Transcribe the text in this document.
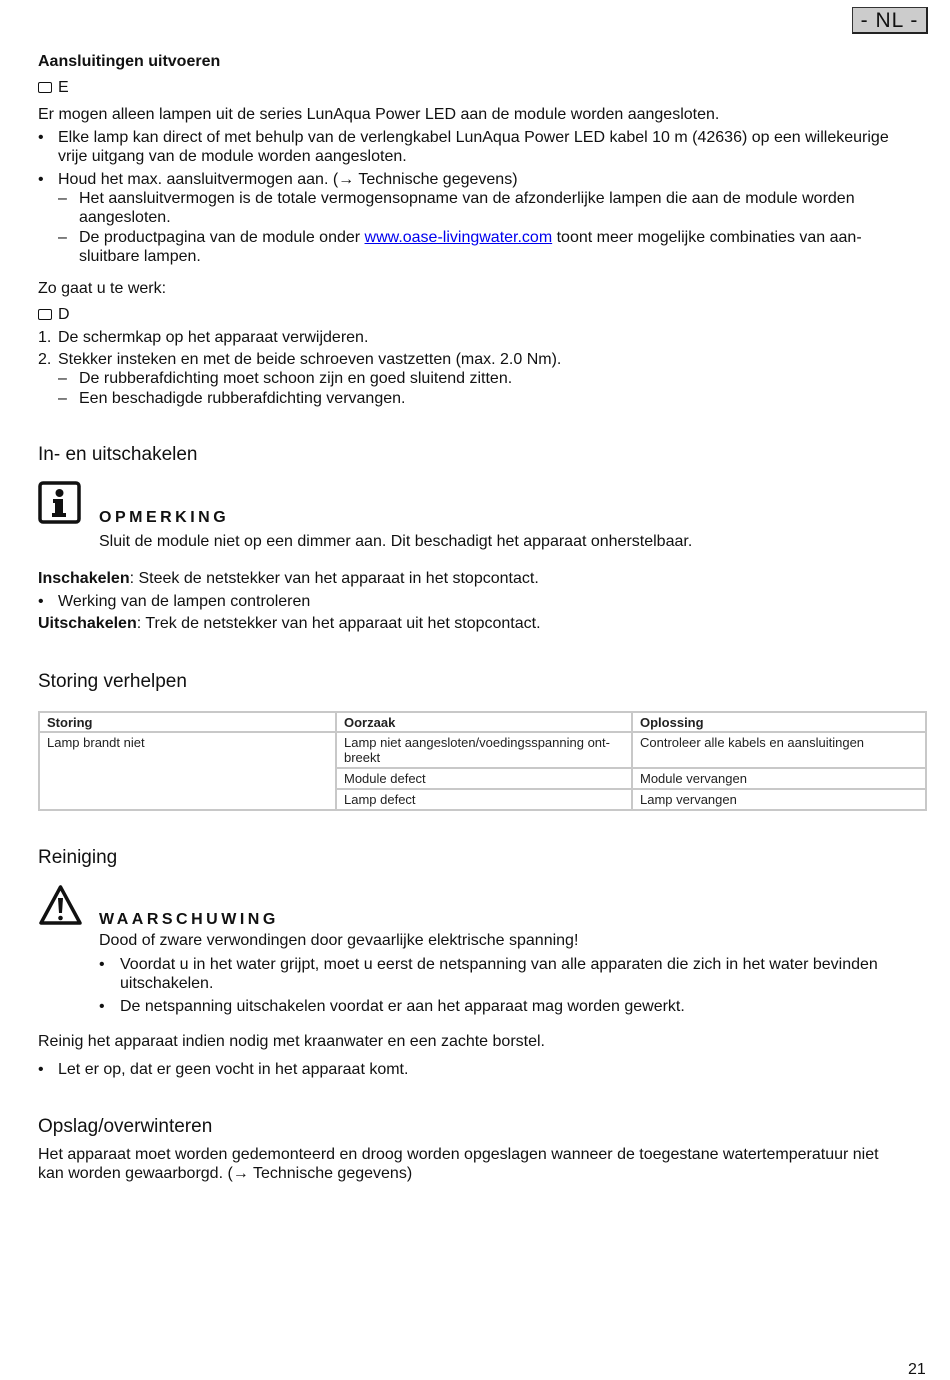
- NL -
Aansluitingen uitvoeren
E
Er mogen alleen lampen uit de series LunAqua Power LED aan de module worden aangesloten.
• Elke lamp kan direct of met behulp van de verlengkabel LunAqua Power LED kabel 10 m (42636) op een willekeurige
vrije uitgang van de module worden aangesloten.
• Houd het max. aansluitvermogen aan. (→ Technische gegevens)
– Het aansluitvermogen is de totale vermogensopname van de afzonderlijke lampen die aan de module worden
aangesloten.
– De productpagina van de module onder www.oase-livingwater.com toont meer mogelijke combinaties van aan-
sluitbare lampen.
Zo gaat u te werk:
D
1. De schermkap op het apparaat verwijderen.
2. Stekker insteken en met de beide schroeven vastzetten (max. 2.0 Nm).
– De rubberafdichting moet schoon zijn en goed sluitend zitten.
– Een beschadigde rubberafdichting vervangen.
In- en uitschakelen
OPMERKING
Sluit de module niet op een dimmer aan. Dit beschadigt het apparaat onherstelbaar.
Inschakelen: Steek de netstekker van het apparaat in het stopcontact.
• Werking van de lampen controleren
Uitschakelen: Trek de netstekker van het apparaat uit het stopcontact.
Storing verhelpen
Storing	Oorzaak	Oplossing
Lamp brandt niet	Lamp niet aangesloten/voedingsspanning ont-breekt	Controleer alle kabels en aansluitingen
	Module defect	Module vervangen
	Lamp defect	Lamp vervangen
Reiniging
WAARSCHUWING
Dood of zware verwondingen door gevaarlijke elektrische spanning!
• Voordat u in het water grijpt, moet u eerst de netspanning van alle apparaten die zich in het water bevinden
uitschakelen.
• De netspanning uitschakelen voordat er aan het apparaat mag worden gewerkt.
Reinig het apparaat indien nodig met kraanwater en een zachte borstel.
• Let er op, dat er geen vocht in het apparaat komt.
Opslag/overwinteren
Het apparaat moet worden gedemonteerd en droog worden opgeslagen wanneer de toegestane watertemperatuur niet
kan worden gewaarborgd. (→ Technische gegevens)
21
